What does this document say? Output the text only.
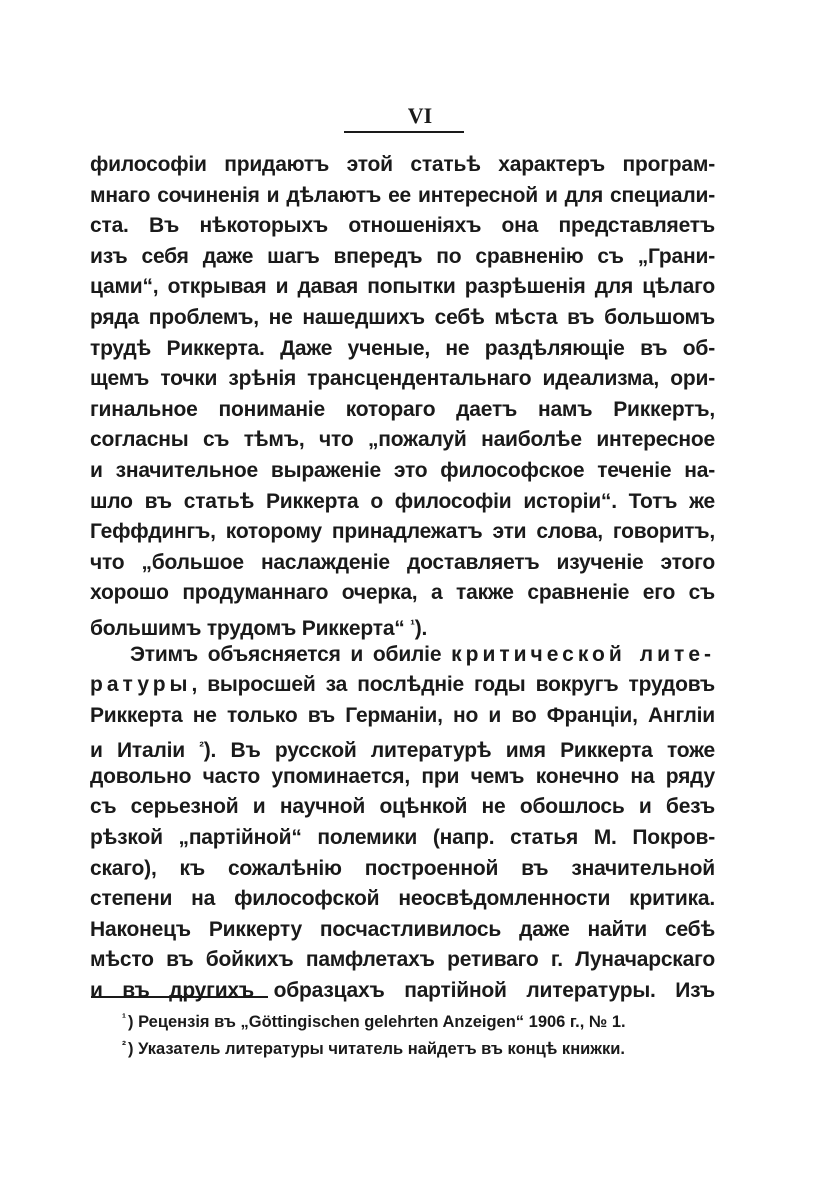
VI
философіи придаютъ этой статьѣ характеръ програм-
мнаго сочиненія и дѣлаютъ ее интересной и для специали-
ста. Въ нѣкоторыхъ отношеніяхъ она представляетъ
изъ себя даже шагъ впередъ по сравненію съ „Грани-
цами“, открывая и давая попытки разрѣшенія для цѣлаго
ряда проблемъ, не нашедшихъ себѣ мѣста въ большомъ
трудѣ Риккерта. Даже ученые, не раздѣляющіе въ об-
щемъ точки зрѣнія трансцендентальнаго идеализма, ори-
гинальное пониманіе котораго даетъ намъ Риккертъ,
согласны съ тѣмъ, что „пожалуй наиболѣе интересное
и значительное выраженіе это философское теченіе на-
шло въ статьѣ Риккерта о философіи исторіи“. Тотъ же
Геффдингъ, которому принадлежатъ эти слова, говоритъ,
что „большое наслажденіе доставляетъ изученіе этого
хорошо продуманнаго очерка, а также сравненіе его съ
большимъ трудомъ Риккерта“ $^{^1}$).
Этимъ объясняется и обиліе критической лите-
ратуры, выросшей за послѣдніе годы вокругъ трудовъ
Риккерта не только въ Германіи, но и во Франціи, Англіи
и Италіи $^{^2}$). Въ русской литературѣ имя Риккерта тоже
довольно часто упоминается, при чемъ конечно на ряду
съ серьезной и научной оцѣнкой не обошлось и безъ
рѣзкой „партійной“ полемики (напр. статья М. Покров-
скаго), къ сожалѣнію построенной въ значительной
степени на философской неосвѣдомленности критика.
Наконецъ Риккерту посчастливилось даже найти себѣ
мѣсто въ бойкихъ памфлетахъ ретиваго г. Луначарскаго
и въ другихъ образцахъ партійной литературы. Изъ
$^{^1}$ ) Рецензія въ „Göttingischen gelehrten Anzeigen“ 1906 г., № 1.
$^{^2}$ ) Указатель литературы читатель найдетъ въ концѣ книжки.
